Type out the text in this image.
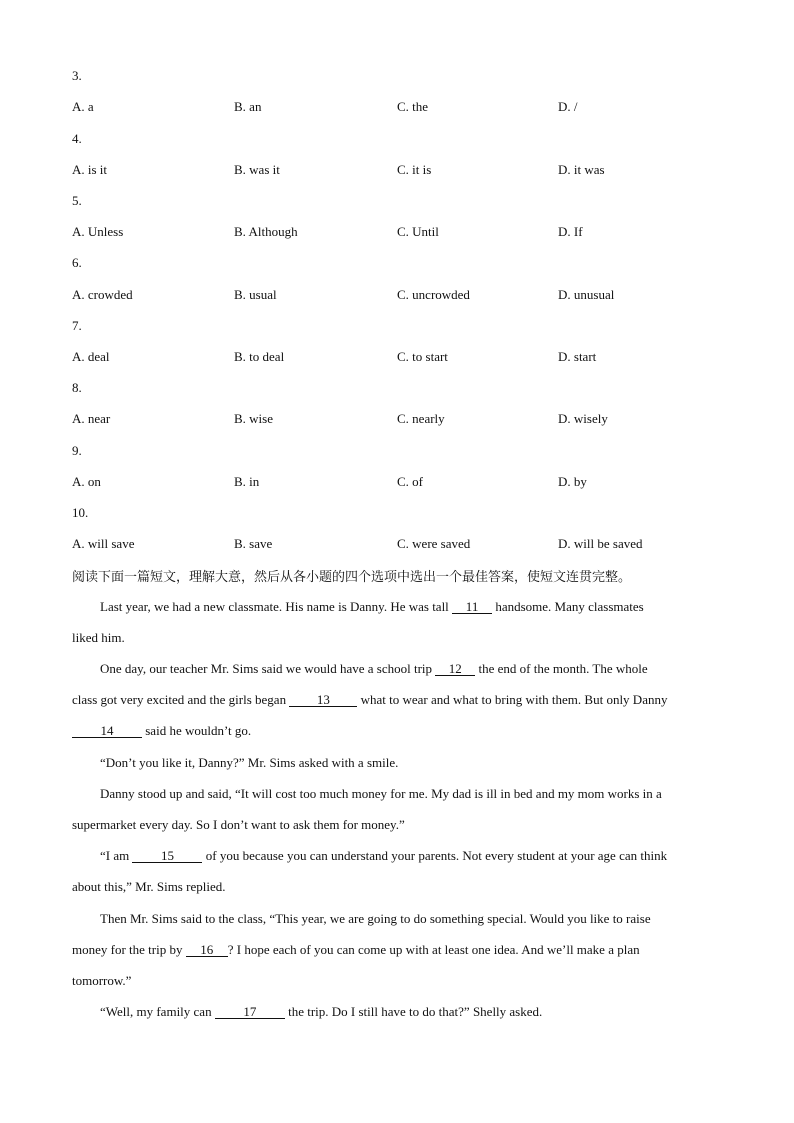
3.
A. a	B. an	C. the	D. /
4.
A. is it	B. was it	C. it is	D. it was
5.
A. Unless	B. Although	C. Until	D. If
6.
A. crowded	B. usual	C. uncrowded	D. unusual
7.
A. deal	B. to deal	C. to start	D. start
8.
A. near	B. wise	C. nearly	D. wisely
9.
A. on	B. in	C. of	D. by
10.
A. will save	B. save	C. were saved	D. will be saved
阅读下面一篇短文，理解大意，然后从各小题的四个选项中选出一个最佳答案，使短文连贯完整。
Last year, we had a new classmate. His name is Danny. He was tall 11 handsome. Many classmates
liked him.
One day, our teacher Mr. Sims said we would have a school trip 12 the end of the month. The whole
class got very excited and the girls began 13 what to wear and what to bring with them. But only Danny
14 said he wouldn’t go.
“Don’t you like it, Danny?” Mr. Sims asked with a smile.
Danny stood up and said, “It will cost too much money for me. My dad is ill in bed and my mom works in a
supermarket every day. So I don’t want to ask them for money.”
“I am 15 of you because you can understand your parents. Not every student at your age can think
about this,” Mr. Sims replied.
Then Mr. Sims said to the class, “This year, we are going to do something special. Would you like to raise
money for the trip by 16 ? I hope each of you can come up with at least one idea. And we’ll make a plan
tomorrow.”
“Well, my family can 17 the trip. Do I still have to do that?” Shelly asked.
